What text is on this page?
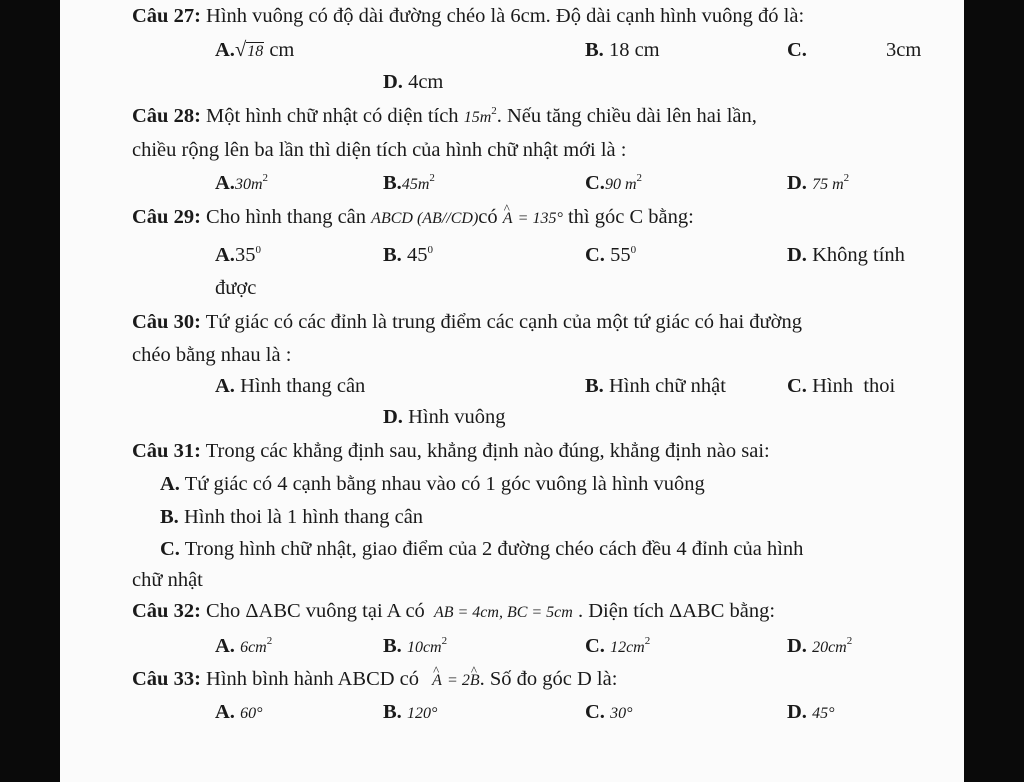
Câu 27: Hình vuông có độ dài đường chéo là 6cm. Độ dài cạnh hình vuông đó là:
A.√18 cm	B. 18 cm	C.	3cm
D. 4cm
Câu 28: Một hình chữ nhật có diện tích $15m^2$. Nếu tăng chiều dài lên hai lần,
chiều rộng lên ba lần thì diện tích của hình chữ nhật mới là :
$A.30m^2$	$B.45m^2$	C.90 $m^2$	D. 75 $m^2$
Câu 29: Cho hình thang cân ABCD (AB//CD)có ^ A = 135° thì góc C bằng:
$A.35^0$	B. $45^0$	C. $55^0$	D. Không tính
được
Câu 30: Tứ giác có các đỉnh là trung điểm các cạnh của một tứ giác có hai đường
chéo bằng nhau là :
A. Hình thang cân	B. Hình chữ nhật	C. Hình  thoi
D. Hình vuông
Câu 31: Trong các khẳng định sau, khẳng định nào đúng, khẳng định nào sai:
A. Tứ giác có 4 cạnh bằng nhau vào có 1 góc vuông là hình vuông
B. Hình thoi là 1 hình thang cân
C. Trong hình chữ nhật, giao điểm của 2 đường chéo cách đều 4 đỉnh của hình
chữ nhật
Câu 32: Cho ΔABC vuông tại A có AB = 4cm, BC = 5cm . Diện tích ΔABC bằng:
A. $6cm^2$	B. $10cm^2$	C. $12cm^2$	D. $20cm^2$
Câu 33: Hình bình hành ABCD có ^ A = 2^ B. Số đo góc D là:
A. 60°	B. 120°	C. 30°	D. 45°
